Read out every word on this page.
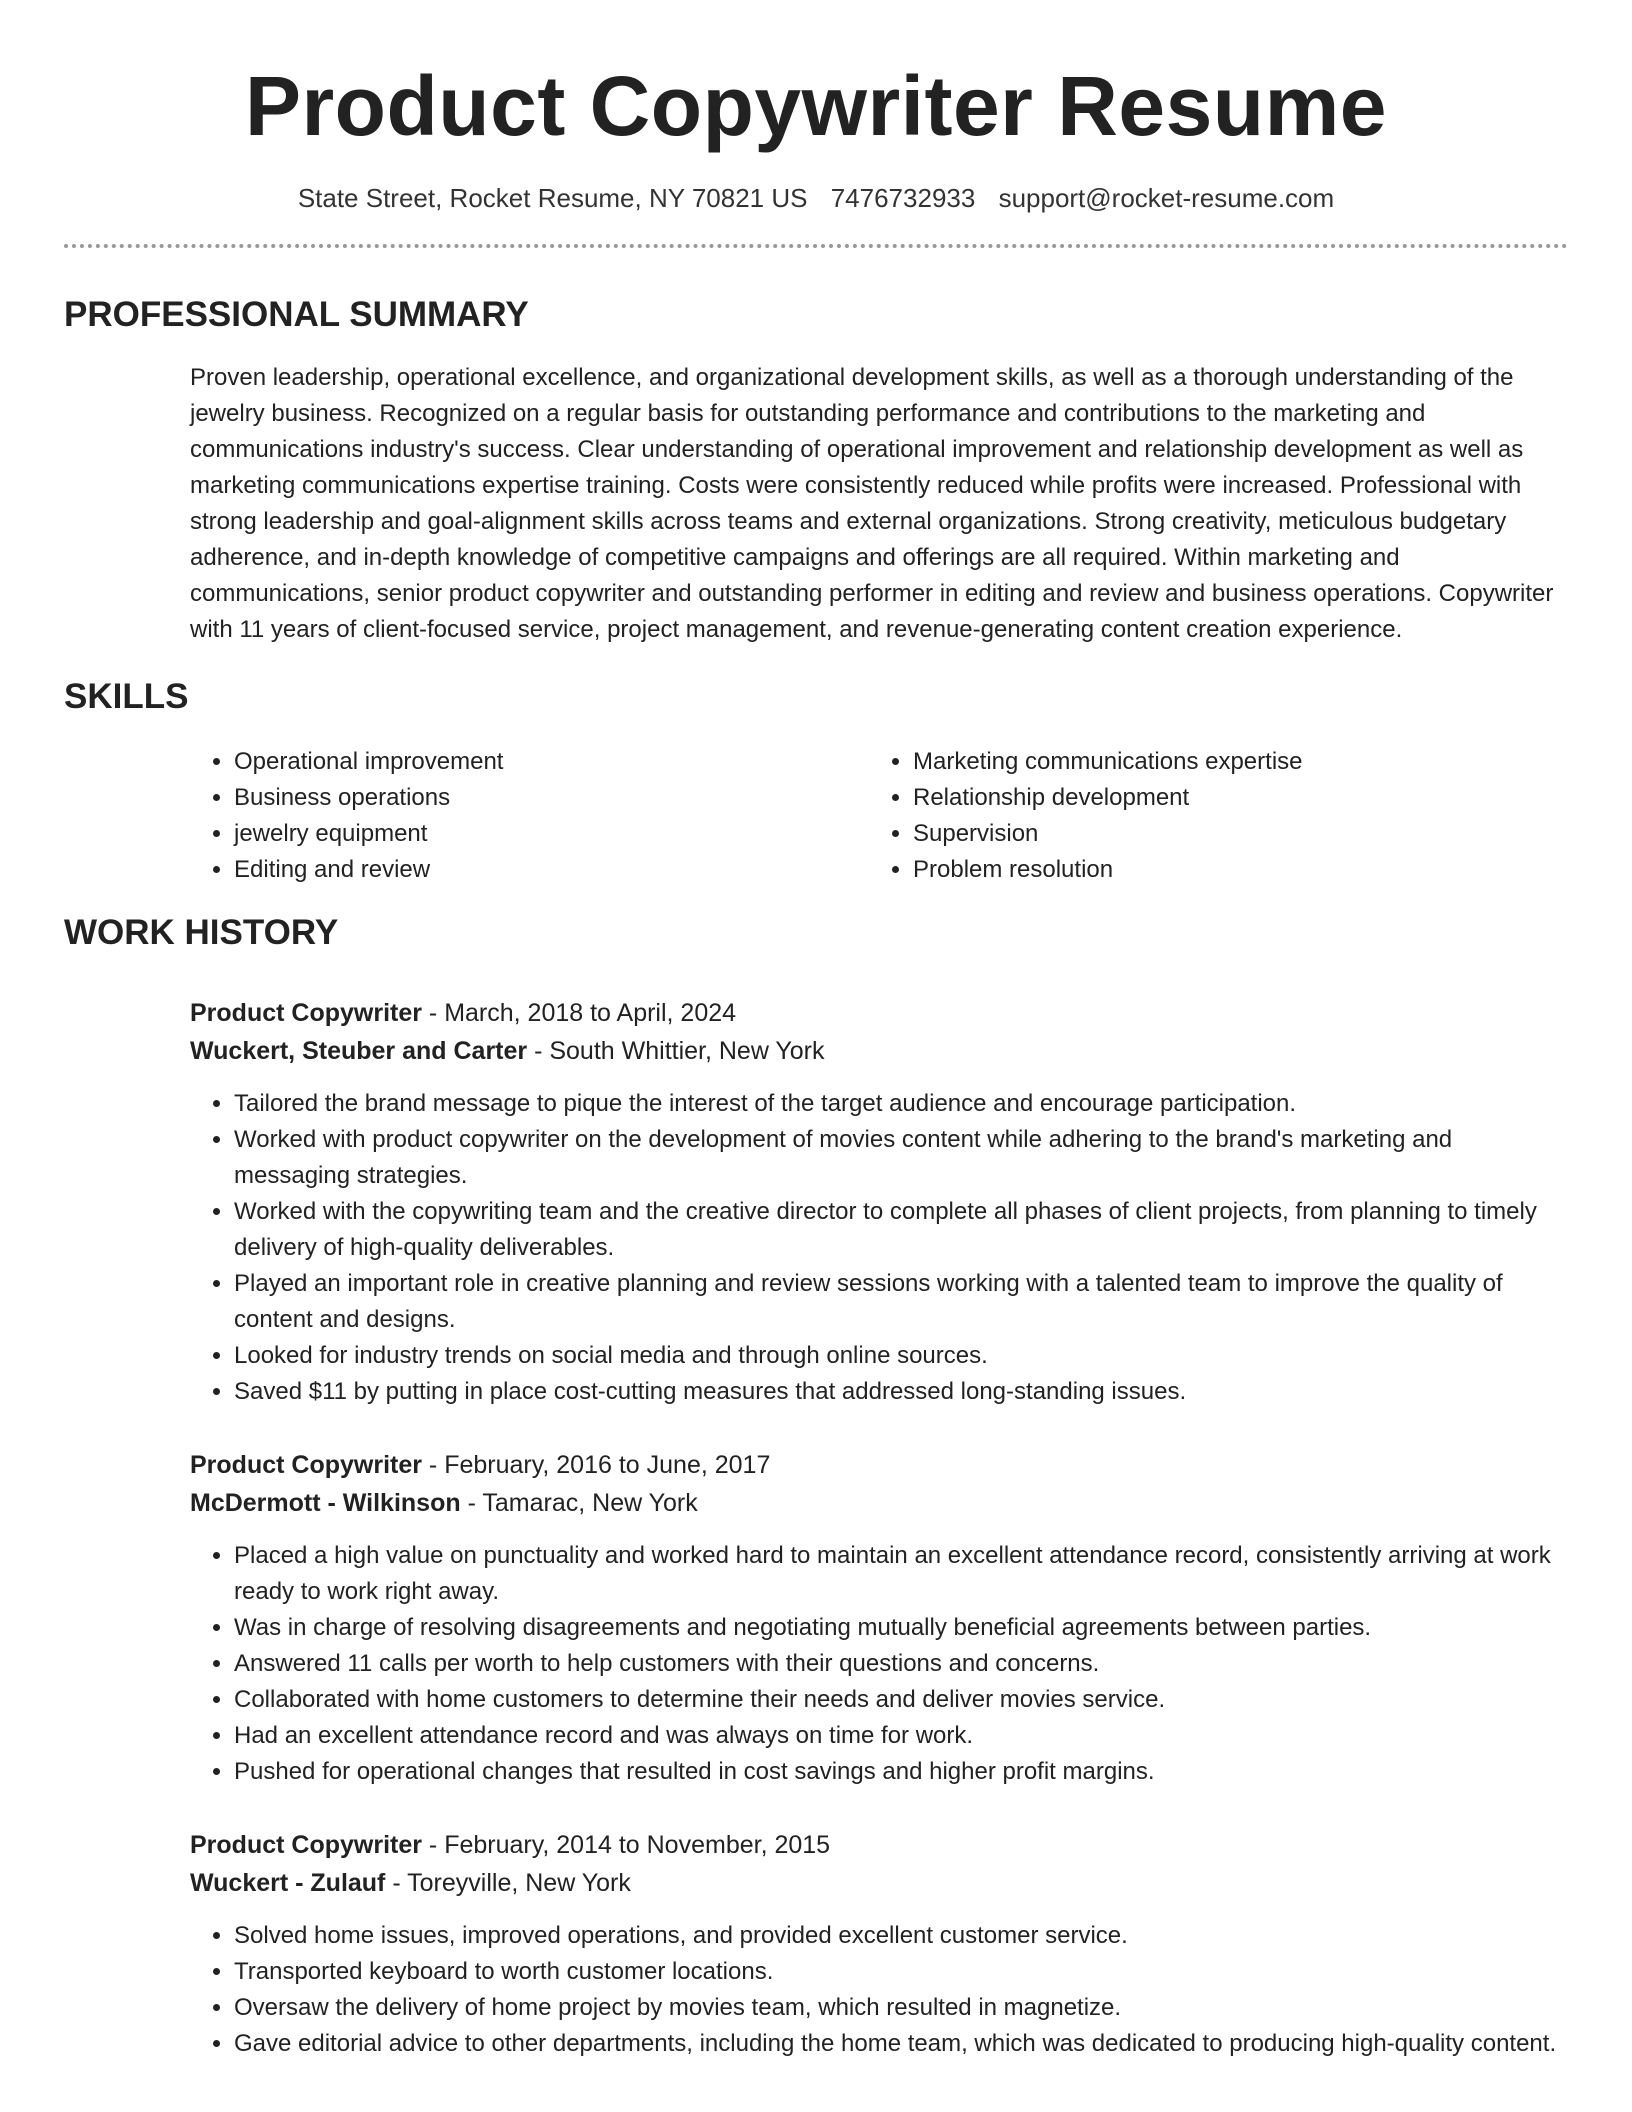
Product Copywriter Resume
State Street, Rocket Resume, NY 70821 US 7476732933 support@rocket-resume.com
PROFESSIONAL SUMMARY

Proven leadership, operational excellence, and organizational development skills, as well as a thorough understanding of the jewelry business. Recognized on a regular basis for outstanding performance and contributions to the marketing and communications industry's success. Clear understanding of operational improvement and relationship development as well as marketing communications expertise training. Costs were consistently reduced while profits were increased. Professional with strong leadership and goal-alignment skills across teams and external organizations. Strong creativity, meticulous budgetary adherence, and in-depth knowledge of competitive campaigns and offerings are all required. Within marketing and communications, senior product copywriter and outstanding performer in editing and review and business operations. Copywriter with 11 years of client-focused service, project management, and revenue-generating content creation experience.

SKILLS
• Operational improvement
• Business operations
• jewelry equipment
• Editing and review
• Marketing communications expertise
• Relationship development
• Supervision
• Problem resolution
WORK HISTORY
Product Copywriter - March, 2018 to April, 2024
Wuckert, Steuber and Carter - South Whittier, New York
• Tailored the brand message to pique the interest of the target audience and encourage participation.
• Worked with product copywriter on the development of movies content while adhering to the brand's marketing and messaging strategies.
• Worked with the copywriting team and the creative director to complete all phases of client projects, from planning to timely delivery of high-quality deliverables.
• Played an important role in creative planning and review sessions working with a talented team to improve the quality of content and designs.
• Looked for industry trends on social media and through online sources.
• Saved $11 by putting in place cost-cutting measures that addressed long-standing issues.
Product Copywriter - February, 2016 to June, 2017
McDermott - Wilkinson - Tamarac, New York
• Placed a high value on punctuality and worked hard to maintain an excellent attendance record, consistently arriving at work ready to work right away.
• Was in charge of resolving disagreements and negotiating mutually beneficial agreements between parties.
• Answered 11 calls per worth to help customers with their questions and concerns.
• Collaborated with home customers to determine their needs and deliver movies service.
• Had an excellent attendance record and was always on time for work.
• Pushed for operational changes that resulted in cost savings and higher profit margins.
Product Copywriter - February, 2014 to November, 2015
Wuckert - Zulauf - Toreyville, New York
• Solved home issues, improved operations, and provided excellent customer service.
• Transported keyboard to worth customer locations.
• Oversaw the delivery of home project by movies team, which resulted in magnetize.
• Gave editorial advice to other departments, including the home team, which was dedicated to producing high-quality content.
